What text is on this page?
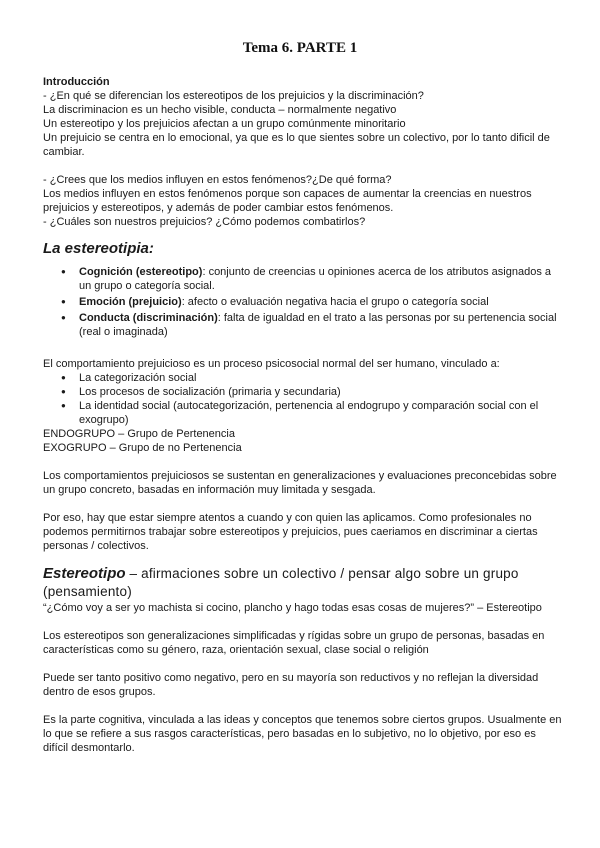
Tema 6. PARTE 1

Introducción

- ¿En qué se diferencian los estereotipos de los prejuicios y la discriminación?

La discriminacion es un hecho visible, conducta – normalmente negativo

Un estereotipo y los prejuicios afectan a un grupo comúnmente minoritario

Un prejuicio se centra en lo emocional, ya que es lo que sientes sobre un colectivo, por lo tanto dificil de cambiar.

- ¿Crees que los medios influyen en estos fenómenos?¿De qué forma?

Los medios influyen en estos fenómenos porque son capaces de aumentar la creencias en nuestros prejuicios y estereotipos, y además de poder cambiar estos fenómenos.

- ¿Cuáles son nuestros prejuicios? ¿Cómo podemos combatirlos?

La estereotipia:
● Cognición (estereotipo): conjunto de creencias u opiniones acerca de los atributos asignados a un grupo o categoría social.
● Emoción (prejuicio): afecto o evaluación negativa hacia el grupo o categoría social
● Conducta (discriminación): falta de igualdad en el trato a las personas por su pertenencia social (real o imaginada)

El comportamiento prejuicioso es un proceso psicosocial normal del ser humano, vinculado a:

● La categorización social
● Los procesos de socialización (primaria y secundaria)
● La identidad social (autocategorización, pertenencia al endogrupo y comparación social con el exogrupo)

ENDOGRUPO – Grupo de Pertenencia

EXOGRUPO – Grupo de no Pertenencia

Los comportamientos prejuiciosos se sustentan en generalizaciones y evaluaciones preconcebidas sobre un grupo concreto, basadas en información muy limitada y sesgada.

Por eso, hay que estar siempre atentos a cuando y con quien las aplicamos. Como profesionales no podemos permitirnos trabajar sobre estereotipos y prejuicios, pues caeriamos en discriminar a ciertas personas / colectivos.

Estereotipo – afirmaciones sobre un colectivo / pensar algo sobre un grupo (pensamiento)

“¿Cómo voy a ser yo machista si cocino, plancho y hago todas esas cosas de mujeres?” – Estereotipo

Los estereotipos son generalizaciones simplificadas y rígidas sobre un grupo de personas, basadas en características como su género, raza, orientación sexual, clase social o religión

Puede ser tanto positivo como negativo, pero en su mayoría son reductivos y no reflejan la diversidad dentro de esos grupos.

Es la parte cognitiva, vinculada a las ideas y conceptos que tenemos sobre ciertos grupos. Usualmente en lo que se refiere a sus rasgos características, pero basadas en lo subjetivo, no lo objetivo, por eso es difícil desmontarlo.
